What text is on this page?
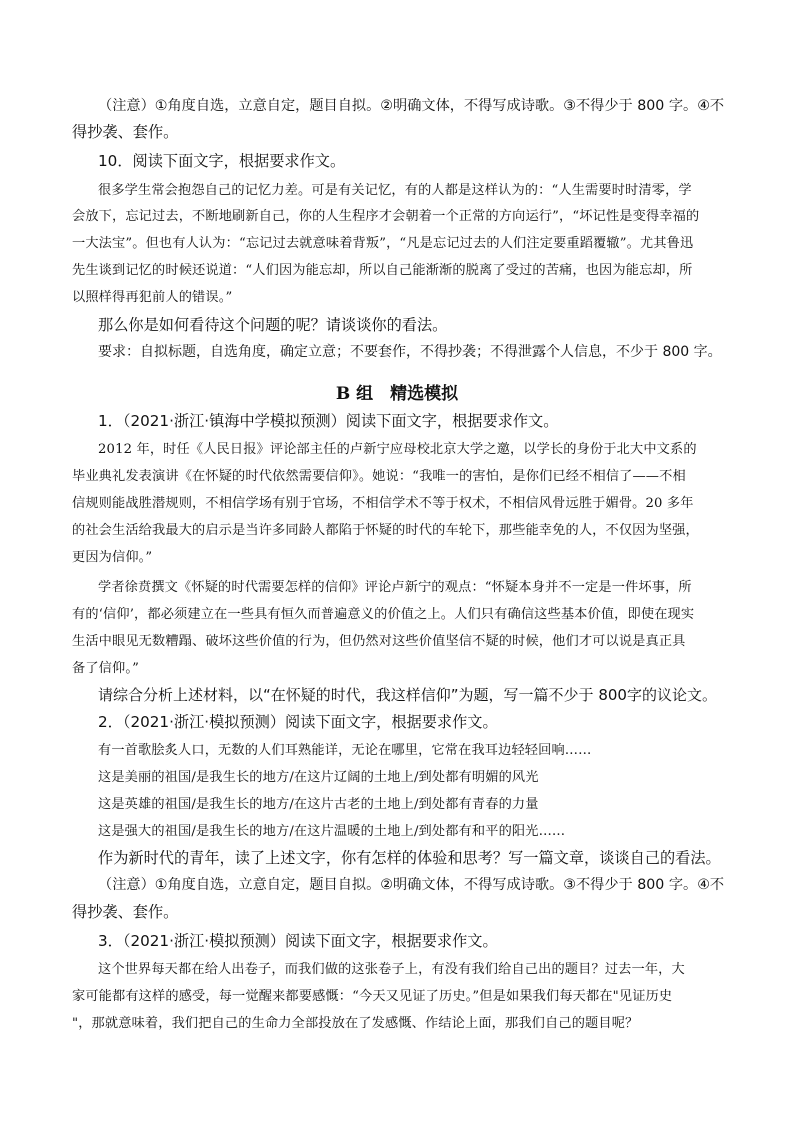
（注意）①角度自选，立意自定，题目自拟。②明确文体，不得写成诗歌。③不得少于 800 字。④不
得抄袭、套作。
10．阅读下面文字，根据要求作文。
很多学生常会抱怨自己的记忆力差。可是有关记忆，有的人都是这样认为的：“人生需要时时清零，学
会放下，忘记过去，不断地刷新自己，你的人生程序才会朝着一个正常的方向运行”，“坏记性是变得幸福的
一大法宝”。但也有人认为：“忘记过去就意味着背叛”，“凡是忘记过去的人们注定要重蹈覆辙”。尤其鲁迅
先生谈到记忆的时候还说道：“人们因为能忘却，所以自己能渐渐的脱离了受过的苦痛，也因为能忘却，所
以照样得再犯前人的错误。”
那么你是如何看待这个问题的呢？请谈谈你的看法。
要求：自拟标题，自选角度，确定立意；不要套作，不得抄袭；不得泄露个人信息，不少于 800 字。
B 组　精选模拟
1．（2021·浙江·镇海中学模拟预测）阅读下面文字，根据要求作文。
2012 年，时任《人民日报》评论部主任的卢新宁应母校北京大学之邀，以学长的身份于北大中文系的
毕业典礼发表演讲《在怀疑的时代依然需要信仰》。她说：“我唯一的害怕，是你们已经不相信了——不相
信规则能战胜潜规则，不相信学场有别于官场，不相信学术不等于权术，不相信风骨远胜于媚骨。20 多年
的社会生活给我最大的启示是当许多同龄人都陷于怀疑的时代的车轮下，那些能幸免的人，不仅因为坚强，
更因为信仰。”
学者徐贲撰文《怀疑的时代需要怎样的信仰》评论卢新宁的观点：“怀疑本身并不一定是一件坏事，所
有的‘信仰’，都必须建立在一些具有恒久而普遍意义的价值之上。人们只有确信这些基本价值，即使在现实
生活中眼见无数糟蹋、破坏这些价值的行为，但仍然对这些价值坚信不疑的时候，他们才可以说是真正具
备了信仰。”
请综合分析上述材料，以“在怀疑的时代，我这样信仰”为题，写一篇不少于 800字的议论文。
2．（2021·浙江·模拟预测）阅读下面文字，根据要求作文。
有一首歌脍炙人口，无数的人们耳熟能详，无论在哪里，它常在我耳边轻轻回响……
这是美丽的祖国/是我生长的地方/在这片辽阔的土地上/到处都有明媚的风光
这是英雄的祖国/是我生长的地方/在这片古老的土地上/到处都有青春的力量
这是强大的祖国/是我生长的地方/在这片温暖的土地上/到处都有和平的阳光……
作为新时代的青年，读了上述文字，你有怎样的体验和思考？写一篇文章，谈谈自己的看法。
（注意）①角度自选，立意自定，题目自拟。②明确文体，不得写成诗歌。③不得少于 800 字。④不
得抄袭、套作。
3．（2021·浙江·模拟预测）阅读下面文字，根据要求作文。
这个世界每天都在给人出卷子，而我们做的这张卷子上，有没有我们给自己出的题目？过去一年，大
家可能都有这样的感受，每一觉醒来都要感慨：“今天又见证了历史。”但是如果我们每天都在"见证历史
"，那就意味着，我们把自己的生命力全部投放在了发感慨、作结论上面，那我们自己的题目呢？
